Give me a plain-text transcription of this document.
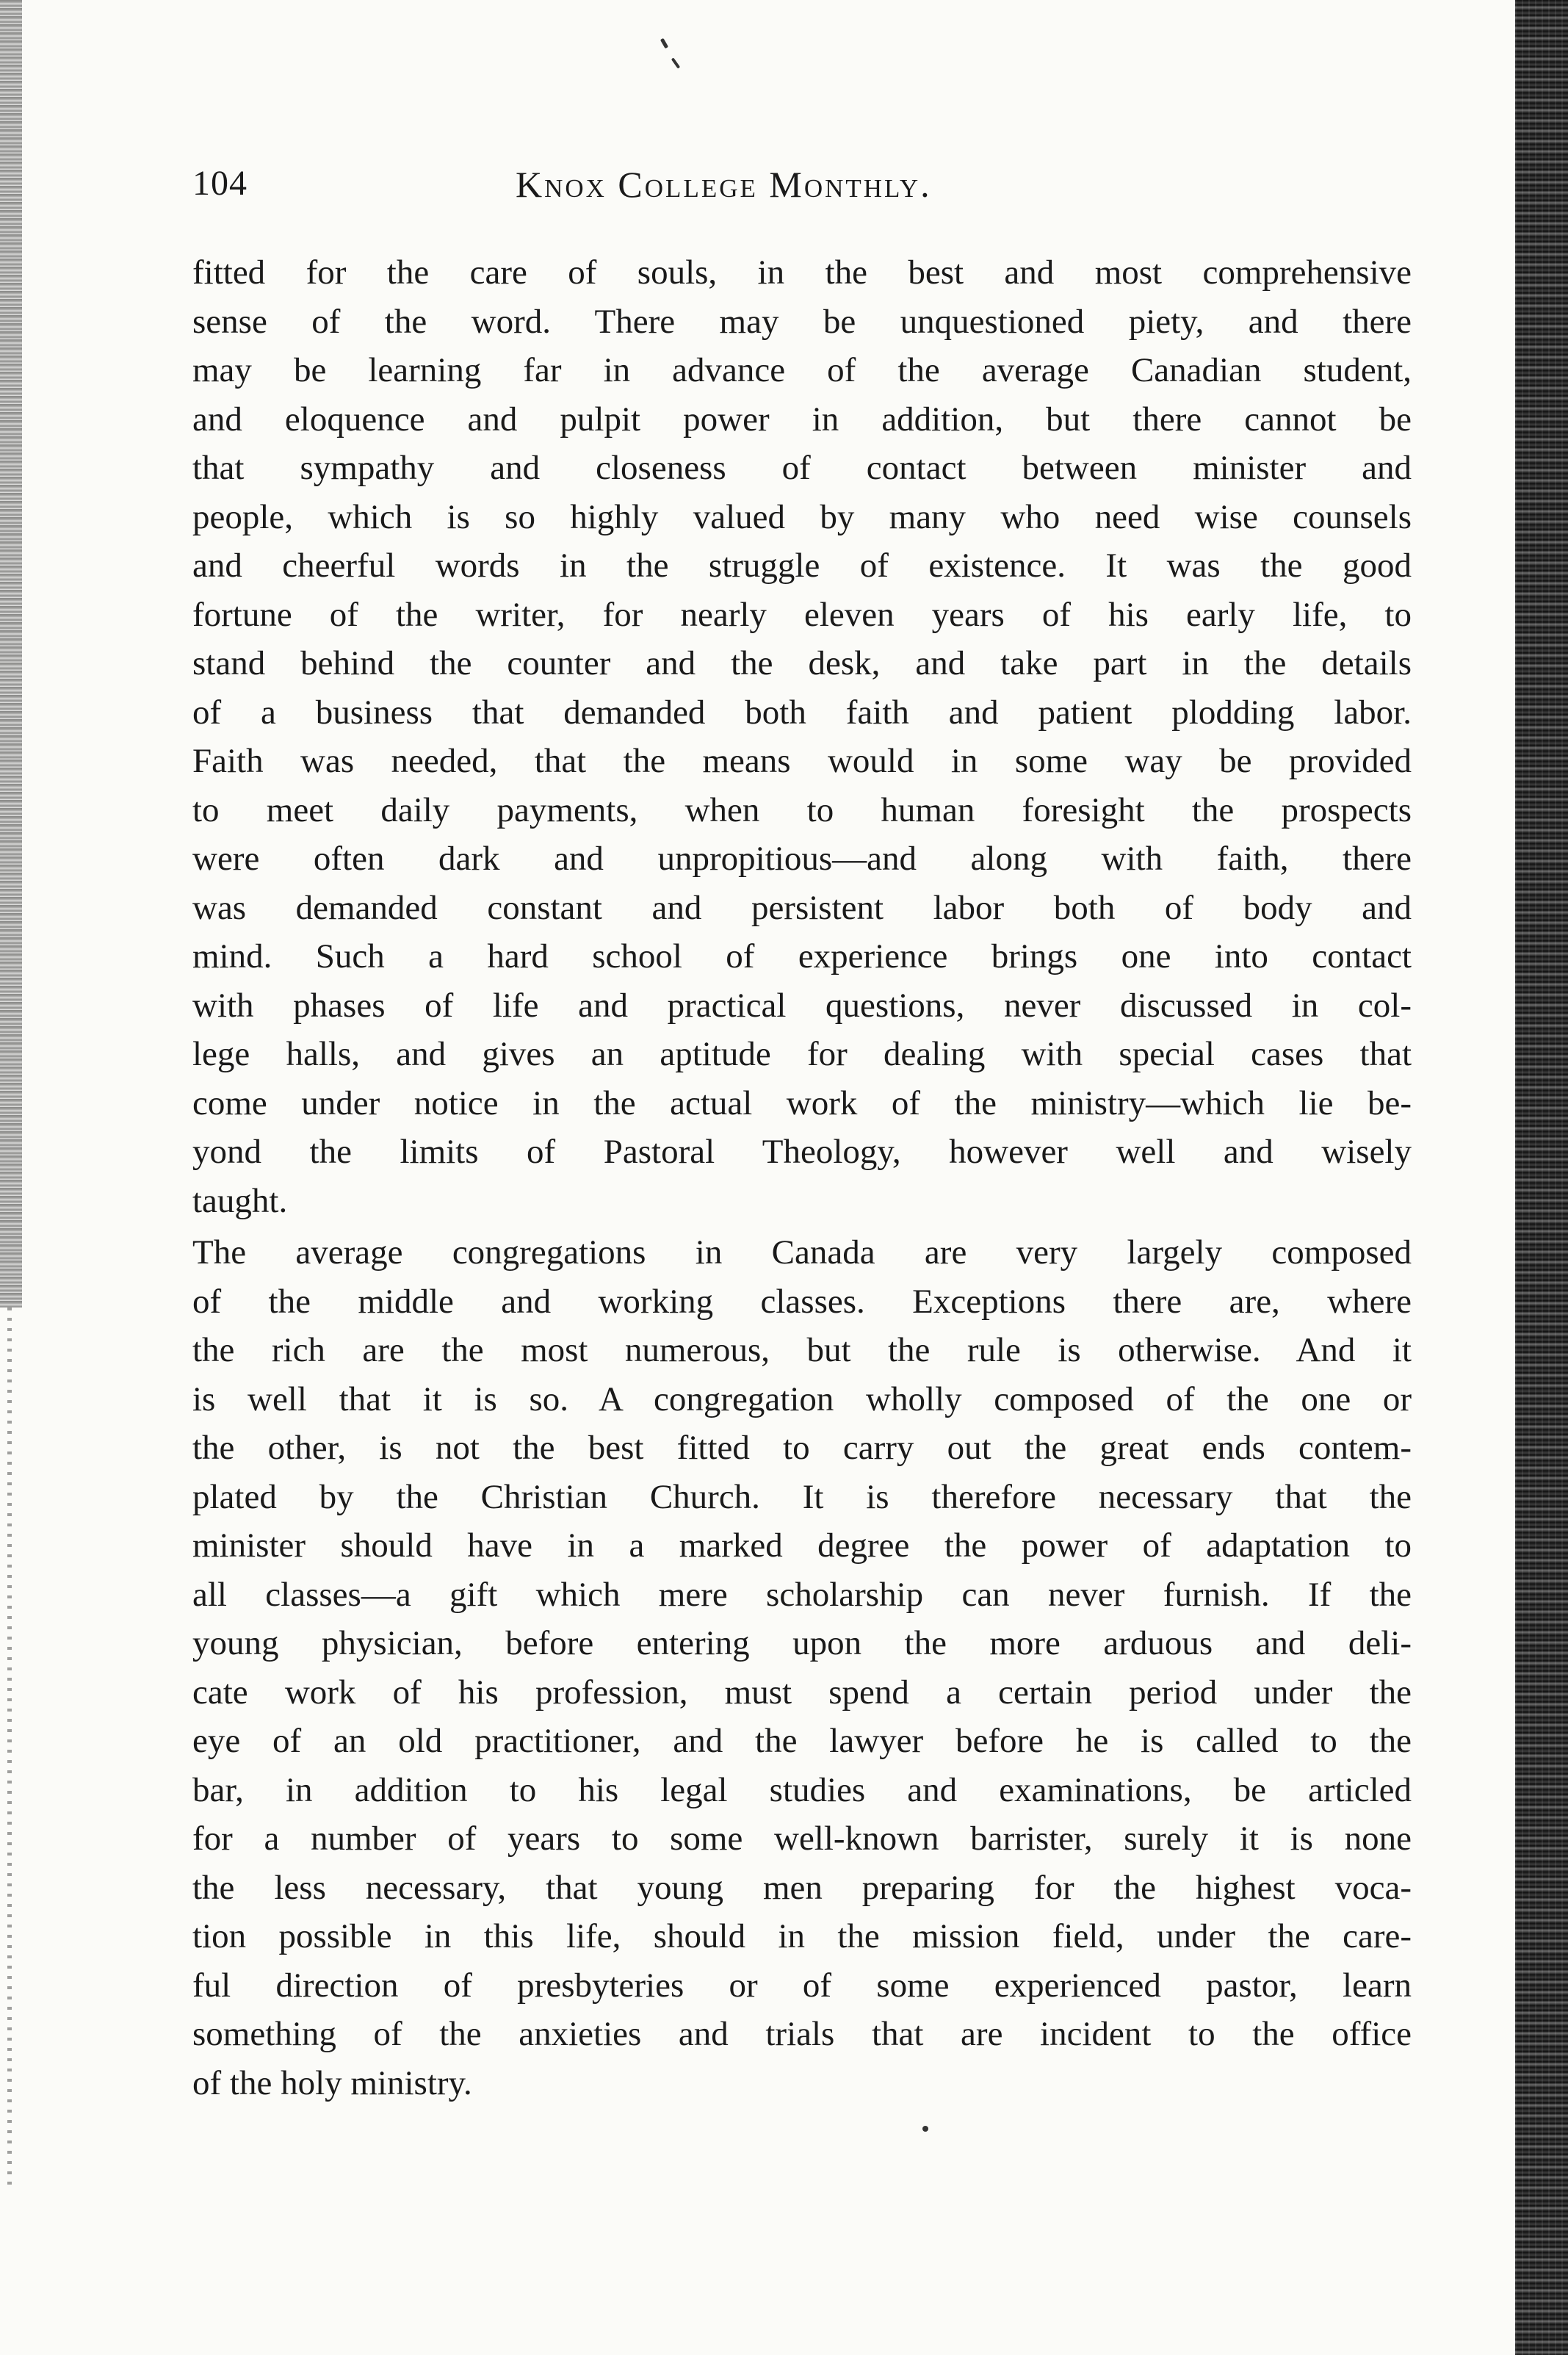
104	Knox College Monthly.

fitted for the care of souls, in the best and most comprehensive
sense of the word. There may be unquestioned piety, and there
may be learning far in advance of the average Canadian student,
and eloquence and pulpit power in addition, but there cannot be
that sympathy and closeness of contact between minister and
people, which is so highly valued by many who need wise counsels
and cheerful words in the struggle of existence. It was the good
fortune of the writer, for nearly eleven years of his early life, to
stand behind the counter and the desk, and take part in the details
of a business that demanded both faith and patient plodding labor.
Faith was needed, that the means would in some way be provided
to meet daily payments, when to human foresight the prospects
were often dark and unpropitious—and along with faith, there
was demanded constant and persistent labor both of body and
mind. Such a hard school of experience brings one into contact
with phases of life and practical questions, never discussed in col-
lege halls, and gives an aptitude for dealing with special cases that
come under notice in the actual work of the ministry—which lie be-
yond the limits of Pastoral Theology, however well and wisely
taught.

The average congregations in Canada are very largely composed
of the middle and working classes. Exceptions there are, where
the rich are the most numerous, but the rule is otherwise. And it
is well that it is so. A congregation wholly composed of the one or
the other, is not the best fitted to carry out the great ends contem-
plated by the Christian Church. It is therefore necessary that the
minister should have in a marked degree the power of adaptation to
all classes—a gift which mere scholarship can never furnish. If the
young physician, before entering upon the more arduous and deli-
cate work of his profession, must spend a certain period under the
eye of an old practitioner, and the lawyer before he is called to the
bar, in addition to his legal studies and examinations, be articled
for a number of years to some well-known barrister, surely it is none
the less necessary, that young men preparing for the highest voca-
tion possible in this life, should in the mission field, under the care-
ful direction of presbyteries or of some experienced pastor, learn
something of the anxieties and trials that are incident to the office
of the holy ministry.
